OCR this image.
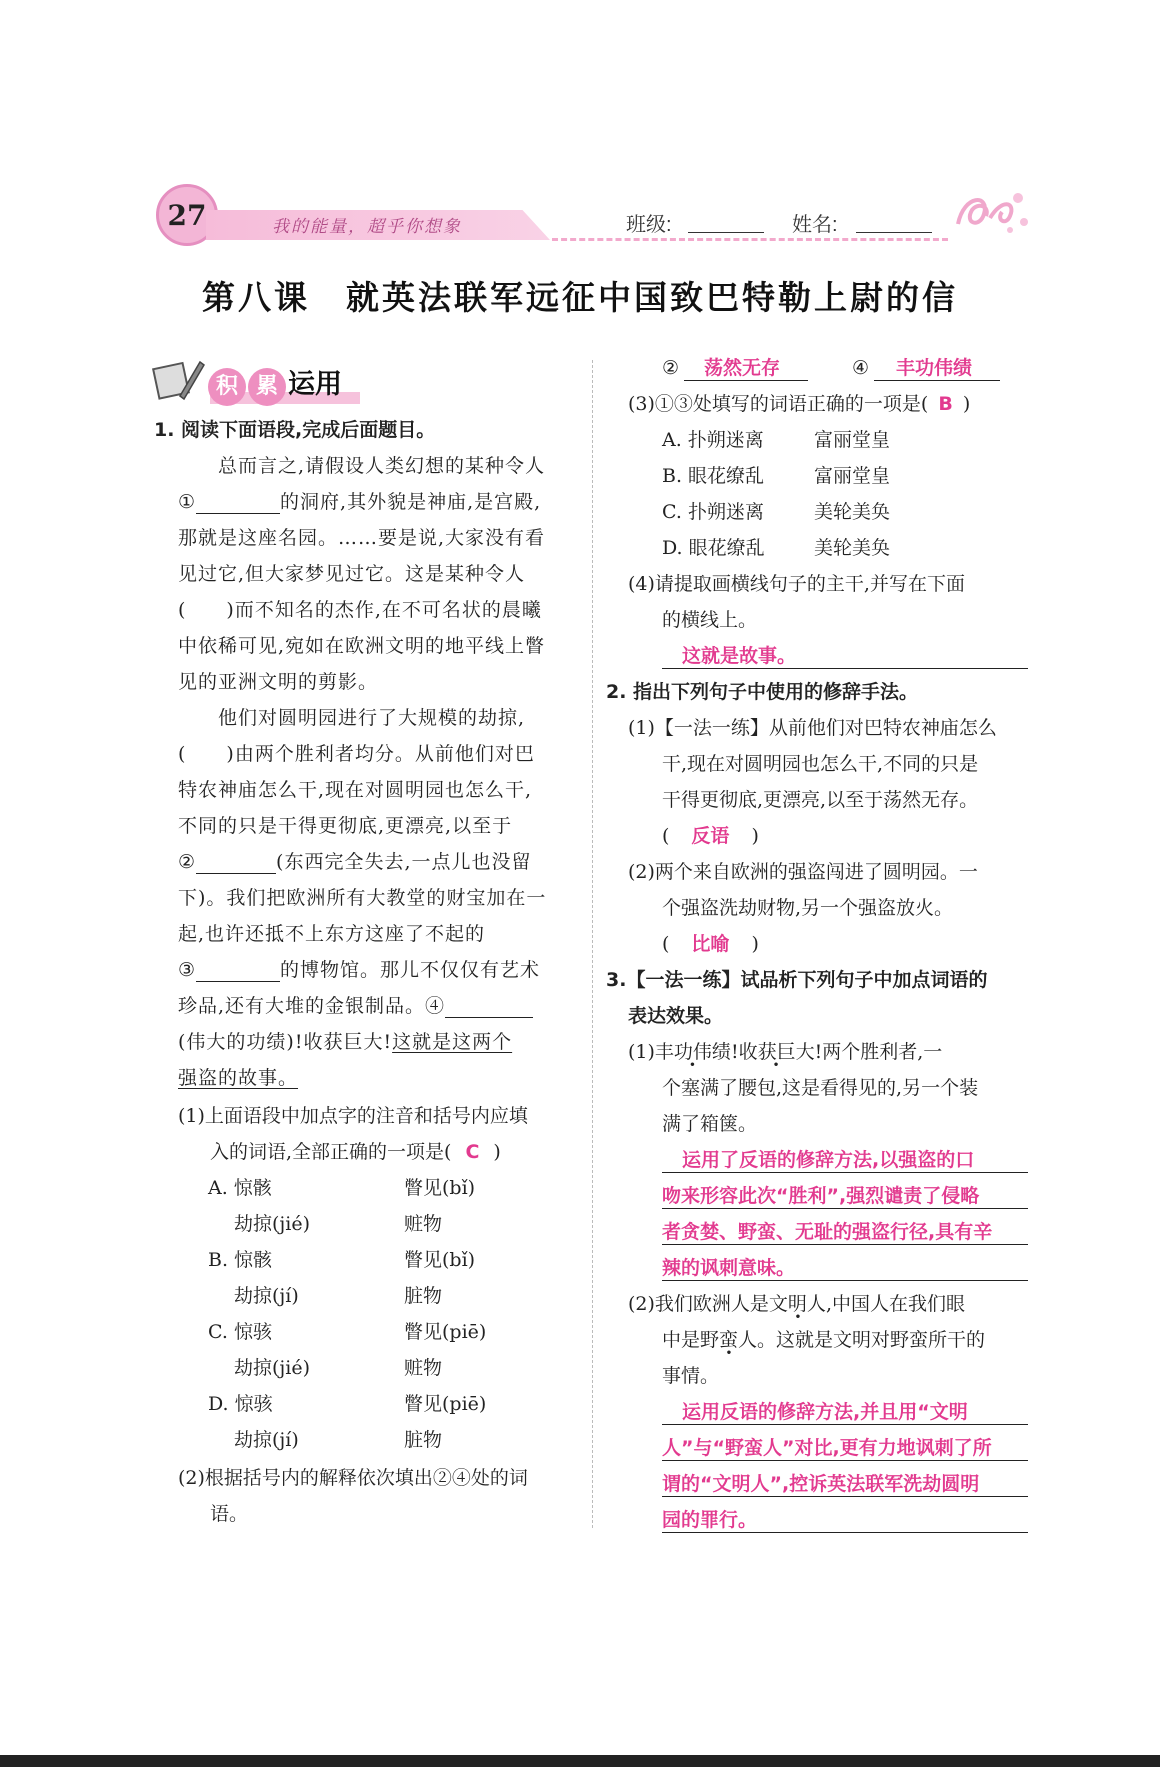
27	我的能量，超乎你想象	班级:	姓名:
第八课　就英法联军远征中国致巴特勒上尉的信
积 累 运用
1. 阅读下面语段,完成后面题目。
总而言之,请假设人类幻想的某种令人
①	的洞府,其外貌是神庙,是宫殿,
那就是这座名园。……要是说,大家没有看
见过它,但大家梦见过它。这是某种令人
(　　)而不知名的杰作,在不可名状的晨曦
中依稀可见,宛如在欧洲文明的地平线上瞥
见的亚洲文明的剪影。
他们对圆明园进行了大规模的劫掠,
(　　)由两个胜利者均分。从前他们对巴
特农神庙怎么干,现在对圆明园也怎么干,
不同的只是干得更彻底,更漂亮,以至于
②	(东西完全失去,一点儿也没留
下)。我们把欧洲所有大教堂的财宝加在一
起,也许还抵不上东方这座了不起的
③	的博物馆。那儿不仅仅有艺术
珍品,还有大堆的金银制品。④
(伟大的功绩)!收获巨大!这就是这两个
强盗的故事。
(1)上面语段中加点字的注音和括号内应填
入的词语,全部正确的一项是( C )
A. 惊骸	瞥见(bǐ)
劫掠(jié)	赃物
B. 惊骸	瞥见(bǐ)
劫掠(jí)	脏物
C. 惊骇	瞥见(piē)
劫掠(jié)	赃物
D. 惊骇	瞥见(piē)
劫掠(jí)	脏物
(2)根据括号内的解释依次填出②④处的词
语。
② 荡然无存	④ 丰功伟绩
(3)①③处填写的词语正确的一项是( B )
A. 扑朔迷离	富丽堂皇
B. 眼花缭乱	富丽堂皇
C. 扑朔迷离	美轮美奂
D. 眼花缭乱	美轮美奂
(4)请提取画横线句子的主干,并写在下面
的横线上。
这就是故事。
2. 指出下列句子中使用的修辞手法。
(1)【一法一练】从前他们对巴特农神庙怎么
干,现在对圆明园也怎么干,不同的只是
干得更彻底,更漂亮,以至于荡然无存。
( 反语 )
(2)两个来自欧洲的强盗闯进了圆明园。一
个强盗洗劫财物,另一个强盗放火。
( 比喻 )
3.【一法一练】试品析下列句子中加点词语的
表达效果。
(1)丰功伟绩!收获巨大!两个胜利者,一
个塞满了腰包,这是看得见的,另一个装
满了箱箧。
运用了反语的修辞方法,以强盗的口
吻来形容此次“胜利”,强烈谴责了侵略
者贪婪、野蛮、无耻的强盗行径,具有辛
辣的讽刺意味。
(2)我们欧洲人是文明人,中国人在我们眼
中是野蛮人。这就是文明对野蛮所干的
事情。
运用反语的修辞方法,并且用“文明
人”与“野蛮人”对比,更有力地讽刺了所
谓的“文明人”,控诉英法联军洗劫圆明
园的罪行。
